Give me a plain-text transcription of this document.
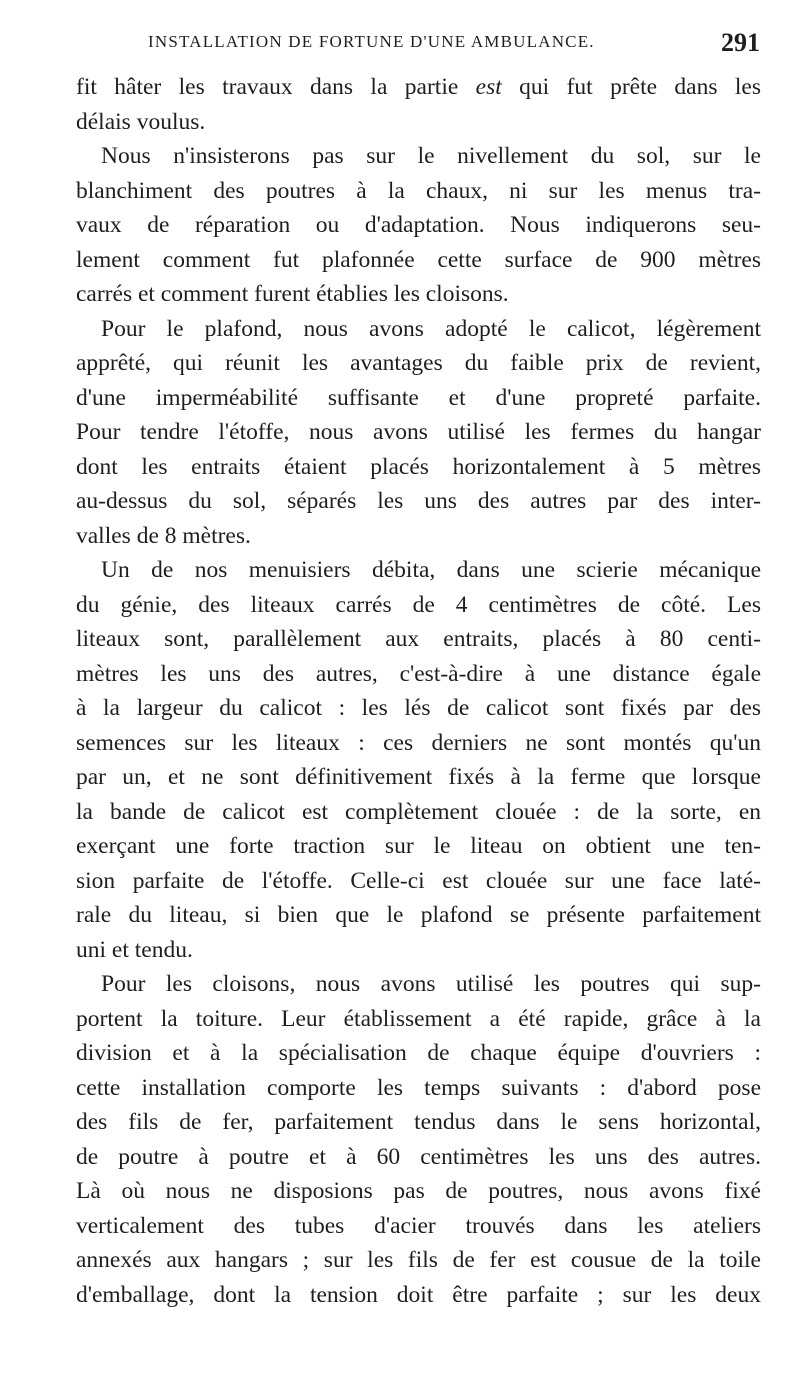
INSTALLATION DE FORTUNE D'UNE AMBULANCE.	291
fit hâter les travaux dans la partie est qui fut prête dans les
délais voulus.
Nous n'insisterons pas sur le nivellement du sol, sur le
blanchiment des poutres à la chaux, ni sur les menus tra-
vaux de réparation ou d'adaptation. Nous indiquerons seu-
lement comment fut plafonnée cette surface de 900 mètres
carrés et comment furent établies les cloisons.
Pour le plafond, nous avons adopté le calicot, légèrement
apprêté, qui réunit les avantages du faible prix de revient,
d'une imperméabilité suffisante et d'une propreté parfaite.
Pour tendre l'étoffe, nous avons utilisé les fermes du hangar
dont les entraits étaient placés horizontalement à 5 mètres
au-dessus du sol, séparés les uns des autres par des inter-
valles de 8 mètres.
Un de nos menuisiers débita, dans une scierie mécanique
du génie, des liteaux carrés de 4 centimètres de côté. Les
liteaux sont, parallèlement aux entraits, placés à 80 centi-
mètres les uns des autres, c'est-à-dire à une distance égale
à la largeur du calicot : les lés de calicot sont fixés par des
semences sur les liteaux : ces derniers ne sont montés qu'un
par un, et ne sont définitivement fixés à la ferme que lorsque
la bande de calicot est complètement clouée : de la sorte, en
exerçant une forte traction sur le liteau on obtient une ten-
sion parfaite de l'étoffe. Celle-ci est clouée sur une face laté-
rale du liteau, si bien que le plafond se présente parfaitement
uni et tendu.
Pour les cloisons, nous avons utilisé les poutres qui sup-
portent la toiture. Leur établissement a été rapide, grâce à la
division et à la spécialisation de chaque équipe d'ouvriers :
cette installation comporte les temps suivants : d'abord pose
des fils de fer, parfaitement tendus dans le sens horizontal,
de poutre à poutre et à 60 centimètres les uns des autres.
Là où nous ne disposions pas de poutres, nous avons fixé
verticalement des tubes d'acier trouvés dans les ateliers
annexés aux hangars ; sur les fils de fer est cousue de la toile
d'emballage, dont la tension doit être parfaite ; sur les deux
